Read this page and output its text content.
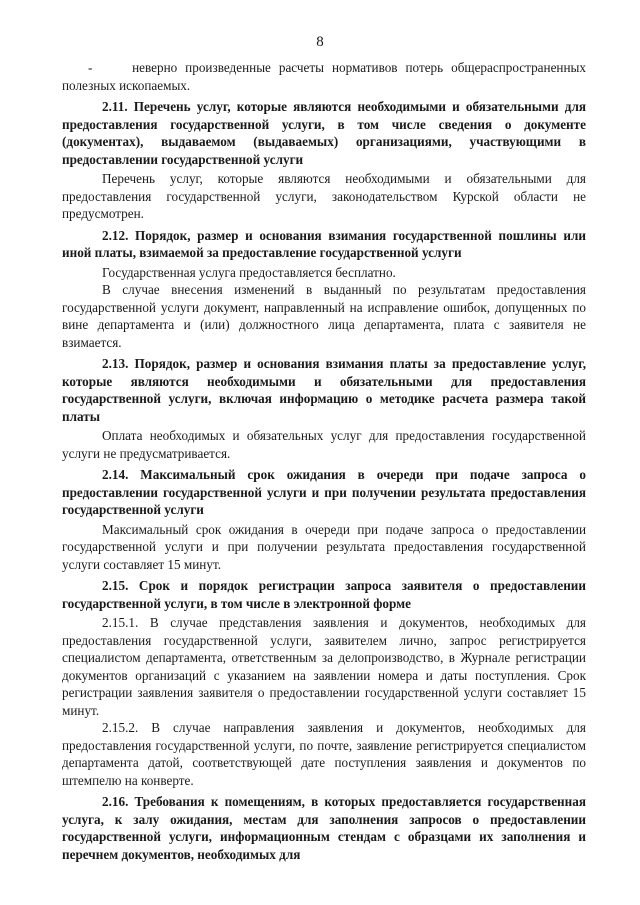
8

-     неверно произведенные расчеты нормативов потерь общераспространенных полезных ископаемых.

2.11. Перечень услуг, которые являются необходимыми и обязательными для предоставления государственной услуги, в том числе сведения о документе (документах), выдаваемом (выдаваемых) организациями, участвующими в предоставлении государственной услуги

Перечень услуг, которые являются необходимыми и обязательными для предоставления государственной услуги, законодательством Курской области не предусмотрен.

2.12. Порядок, размер и основания взимания государственной пошлины или иной платы, взимаемой за предоставление государственной услуги

Государственная услуга предоставляется бесплатно.

В случае внесения изменений в выданный по результатам предоставления государственной услуги документ, направленный на исправление ошибок, допущенных по вине департамента и (или) должностного лица департамента, плата с заявителя не взимается.

2.13. Порядок, размер и основания взимания платы за предоставление услуг, которые являются необходимыми и обязательными для предоставления государственной услуги, включая информацию о методике расчета размера такой платы

Оплата необходимых и обязательных услуг для предоставления государственной услуги не предусматривается.

2.14. Максимальный срок ожидания в очереди при подаче запроса о предоставлении государственной услуги и при получении результата предоставления государственной услуги

Максимальный срок ожидания в очереди при подаче запроса о предоставлении государственной услуги и при получении результата предоставления государственной услуги составляет 15 минут.

2.15. Срок и порядок регистрации запроса заявителя о предоставлении государственной услуги, в том числе в электронной форме

2.15.1. В случае представления заявления и документов, необходимых для предоставления государственной услуги, заявителем лично, запрос регистрируется специалистом департамента, ответственным за делопроизводство, в Журнале регистрации документов организаций с указанием на заявлении номера и даты поступления. Срок регистрации заявления заявителя о предоставлении государственной услуги составляет 15 минут.

2.15.2. В случае направления заявления и документов, необходимых для предоставления государственной услуги, по почте, заявление регистрируется специалистом департамента датой, соответствующей дате поступления заявления и документов по штемпелю на конверте.

2.16. Требования к помещениям, в которых предоставляется государственная услуга, к залу ожидания, местам для заполнения запросов о предоставлении государственной услуги, информационным стендам с образцами их заполнения и перечнем документов, необходимых для
